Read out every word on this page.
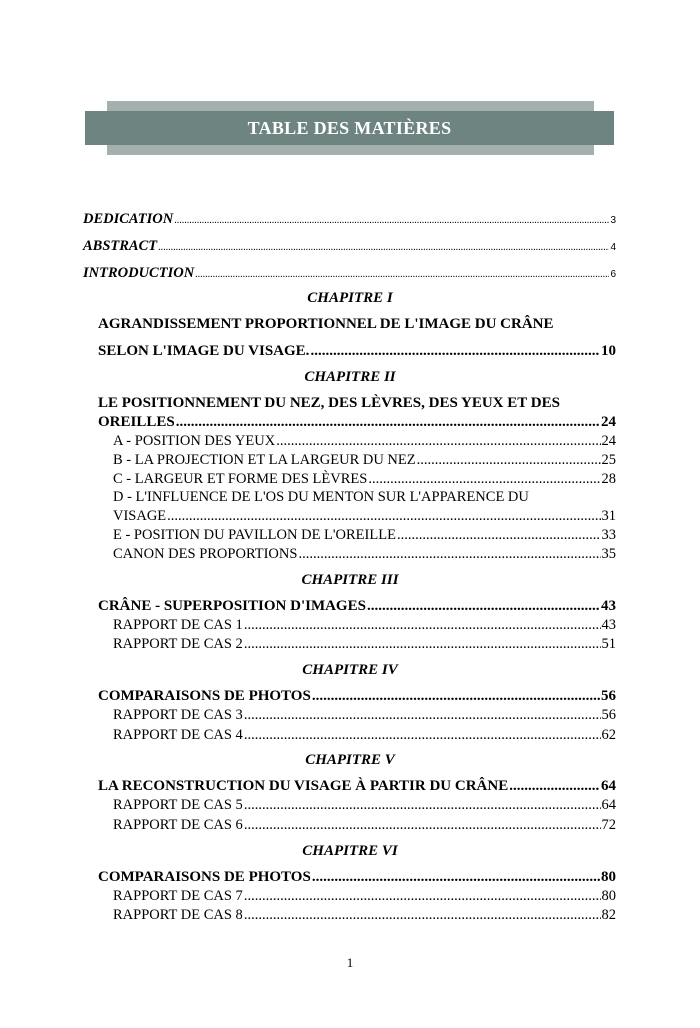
TABLE DES MATIÈRES
DEDICATION .....	3
ABSTRACT .....	4
INTRODUCTION .....	6
CHAPITRE I
AGRANDISSEMENT PROPORTIONNEL DE L'IMAGE DU CRÂNE
SELON L'IMAGE DU VISAGE. .....	10
CHAPITRE II
LE POSITIONNEMENT DU NEZ, DES LÈVRES, DES YEUX ET DES
OREILLES .....	24
A - POSITION DES YEUX .....	24
B - LA PROJECTION ET LA LARGEUR DU NEZ .....	25
C - LARGEUR ET FORME DES LÈVRES .....	28
D - L'INFLUENCE DE L'OS DU MENTON SUR L'APPARENCE DU
VISAGE .....	31
E - POSITION DU PAVILLON DE L'OREILLE .....	33
CANON DES PROPORTIONS .....	35
CHAPITRE III
CRÂNE - SUPERPOSITION D'IMAGES .....	43
RAPPORT DE CAS 1 .....	43
RAPPORT DE CAS 2 .....	51
CHAPITRE IV
COMPARAISONS DE PHOTOS .....	56
RAPPORT DE CAS 3 .....	56
RAPPORT DE CAS 4 .....	62
CHAPITRE V
LA RECONSTRUCTION DU VISAGE À PARTIR DU CRÂNE .....	64
RAPPORT DE CAS 5 .....	64
RAPPORT DE CAS 6 .....	72
CHAPITRE VI
COMPARAISONS DE PHOTOS .....	80
RAPPORT DE CAS 7 .....	80
RAPPORT DE CAS 8 .....	82
1
